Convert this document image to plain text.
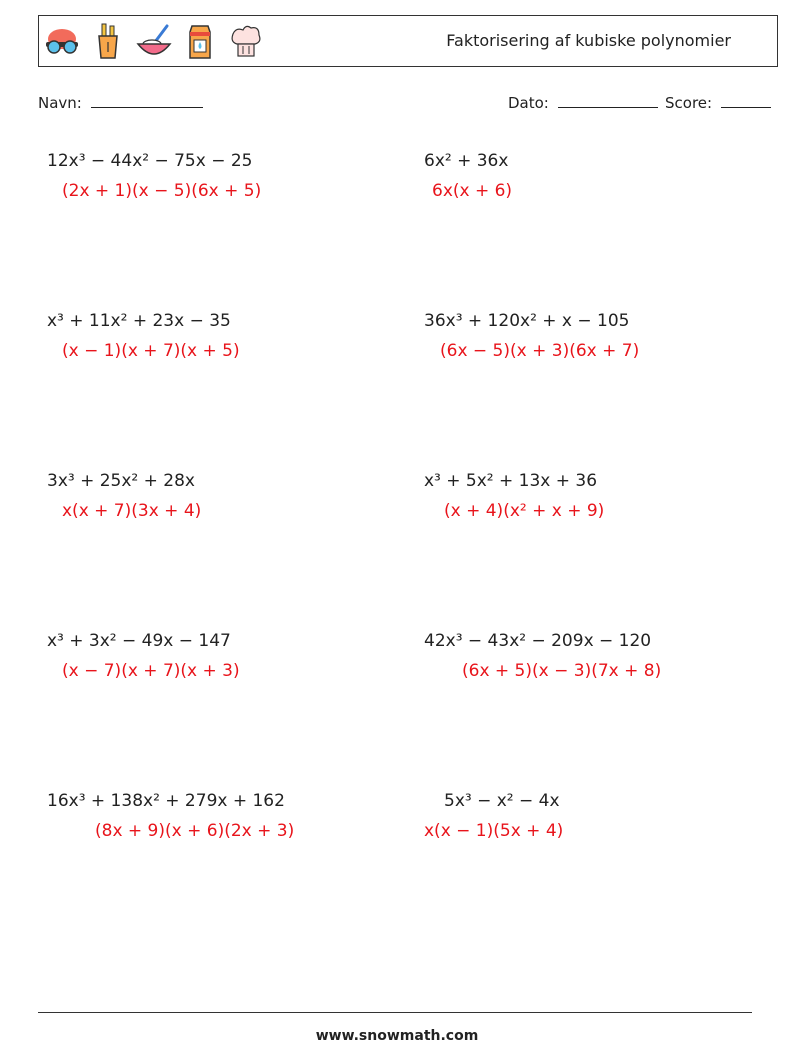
Faktorisering af kubiske polynomier
Navn:	Dato:	Score:
12x³ − 44x² − 75x − 25
(2x + 1)(x − 5)(6x + 5)
6x² + 36x
6x(x + 6)
x³ + 11x² + 23x − 35
(x − 1)(x + 7)(x + 5)
36x³ + 120x² + x − 105
(6x − 5)(x + 3)(6x + 7)
3x³ + 25x² + 28x
x(x + 7)(3x + 4)
x³ + 5x² + 13x + 36
(x + 4)(x² + x + 9)
x³ + 3x² − 49x − 147
(x − 7)(x + 7)(x + 3)
42x³ − 43x² − 209x − 120
(6x + 5)(x − 3)(7x + 8)
16x³ + 138x² + 279x + 162
(8x + 9)(x + 6)(2x + 3)
5x³ − x² − 4x
x(x − 1)(5x + 4)
www.snowmath.com
